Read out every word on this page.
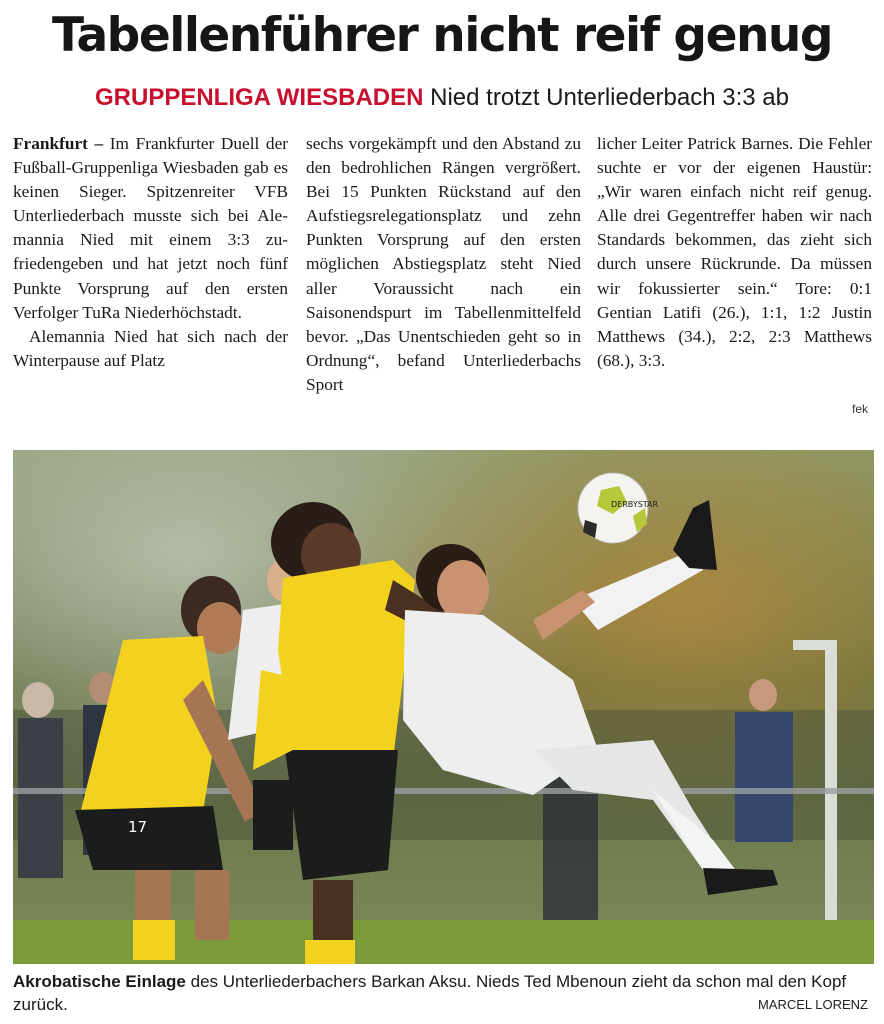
Tabellenführer nicht reif genug
GRUPPENLIGA WIESBADEN Nied trotzt Unterliederbach 3:3 ab

Frankfurt – Im Frankfurter Duell der Fußball-Gruppenliga Wiesbaden gab es keinen Sieger. Spitzenreiter VFB Unterliederbach musste sich bei Alemannia Nied mit einem 3:3 zufriedengeben und hat jetzt noch fünf Punkte Vorsprung auf den ersten Verfolger TuRa Niederhöchstadt.

Alemannia Nied hat sich nach der Winterpause auf Platz

sechs vorgekämpft und den Abstand zu den bedrohlichen Rängen vergrößert. Bei 15 Punkten Rückstand auf den Aufstiegsrelegationsplatz und zehn Punkten Vorsprung auf den ersten möglichen Abstiegsplatz steht Nied aller Voraussicht nach ein Saisonendspurt im Tabellenmittelfeld bevor. „Das Unentschieden geht so in Ordnung“, befand Unterliederbachs Sport

licher Leiter Patrick Barnes. Die Fehler suchte er vor der eigenen Haustür: „Wir waren einfach nicht reif genug. Alle drei Gegentreffer haben wir nach Standards bekommen, das zieht sich durch unsere Rückrunde. Da müssen wir fokussierter sein.“ Tore: 0:1 Gentian Latifi (26.), 1:1, 1:2 Justin Matthews (34.), 2:2, 2:3 Matthews (68.), 3:3.

fek
DERBYSTAR
17
Akrobatische Einlage des Unterliederbachers Barkan Aksu. Nieds Ted Mbenoun zieht da schon mal den Kopf zurück.	MARCEL LORENZ
